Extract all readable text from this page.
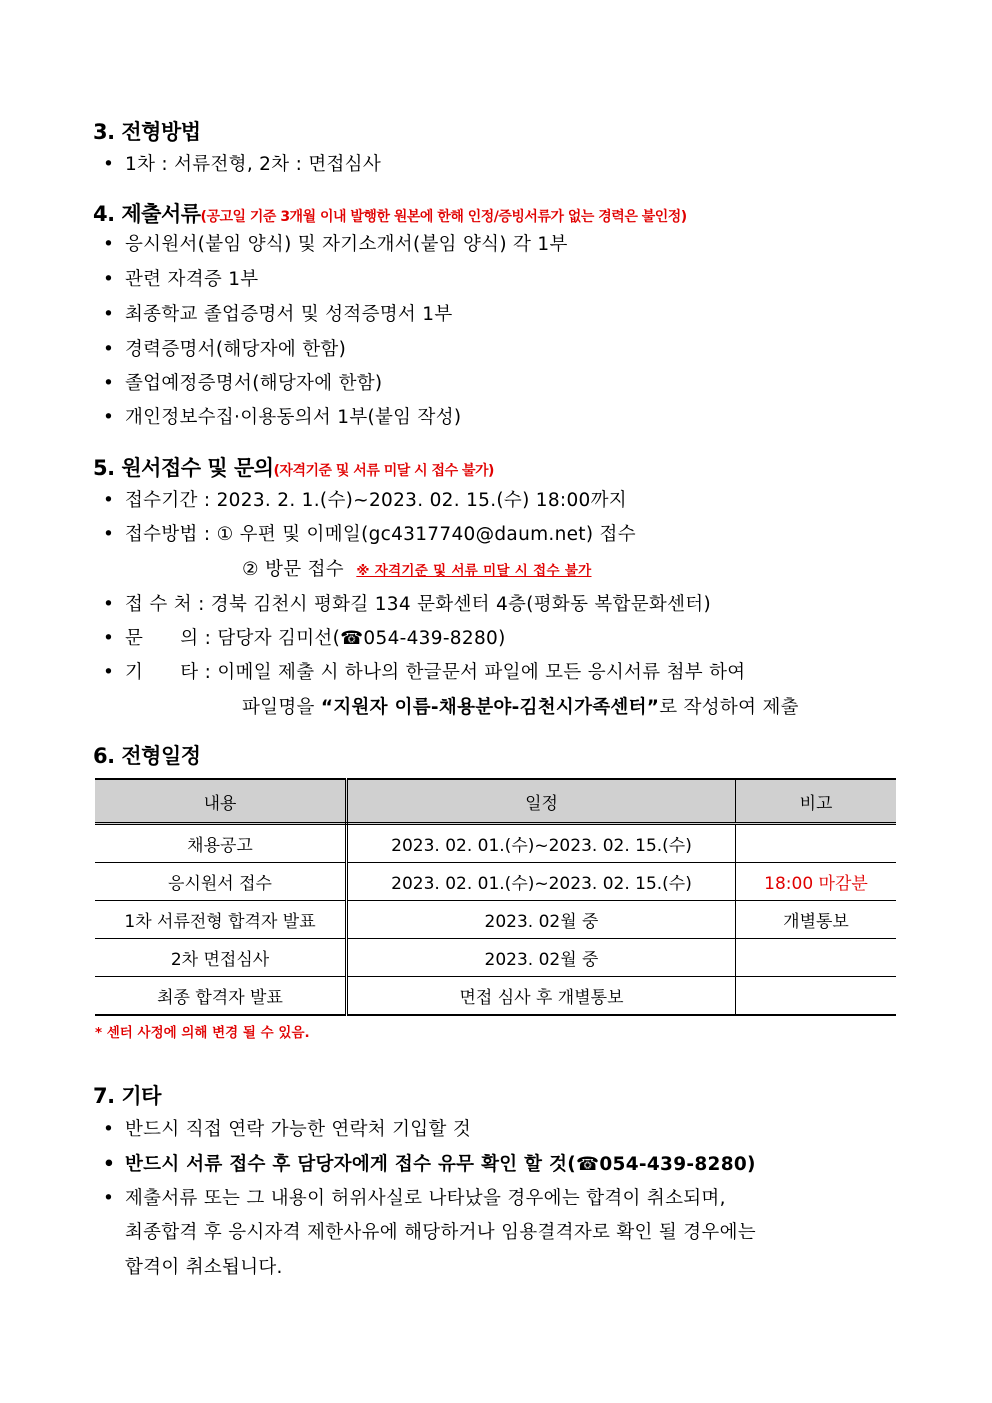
3. 전형방법
• 1차 : 서류전형, 2차 : 면접심사
4. 제출서류(공고일 기준 3개월 이내 발행한 원본에 한해 인정/증빙서류가 없는 경력은 불인정)
• 응시원서(붙임 양식) 및 자기소개서(붙임 양식) 각 1부
• 관련 자격증 1부
• 최종학교 졸업증명서 및 성적증명서 1부
• 경력증명서(해당자에 한함)
• 졸업예정증명서(해당자에 한함)
• 개인정보수집·이용동의서 1부(붙임 작성)
5. 원서접수 및 문의(자격기준 및 서류 미달 시 접수 불가)
• 접수기간 : 2023. 2. 1.(수)~2023. 02. 15.(수) 18:00까지
• 접수방법 : ① 우편 및 이메일(gc4317740@daum.net) 접수
② 방문 접수 ※ 자격기준 및 서류 미달 시 접수 불가
• 접 수 처 : 경북 김천시 평화길 134 문화센터 4층(평화동 복합문화센터)
• 문      의 : 담당자 김미선(☎054-439-8280)
• 기      타 : 이메일 제출 시 하나의 한글문서 파일에 모든 응시서류 첨부 하여
파일명을 “지원자 이름-채용분야-김천시가족센터”로 작성하여 제출
6. 전형일정
내용	일정	비고
채용공고	2023. 02. 01.(수)~2023. 02. 15.(수)	
응시원서 접수	2023. 02. 01.(수)~2023. 02. 15.(수)	18:00 마감분
1차 서류전형 합격자 발표	2023. 02월 중	개별통보
2차 면접심사	2023. 02월 중	
최종 합격자 발표	면접 심사 후 개별통보	
* 센터 사정에 의해 변경 될 수 있음.
7. 기타
• 반드시 직접 연락 가능한 연락처 기입할 것
• 반드시 서류 접수 후 담당자에게 접수 유무 확인 할 것(☎054-439-8280)
• 제출서류 또는 그 내용이 허위사실로 나타났을 경우에는 합격이 취소되며,
최종합격 후 응시자격 제한사유에 해당하거나 임용결격자로 확인 될 경우에는
합격이 취소됩니다.
